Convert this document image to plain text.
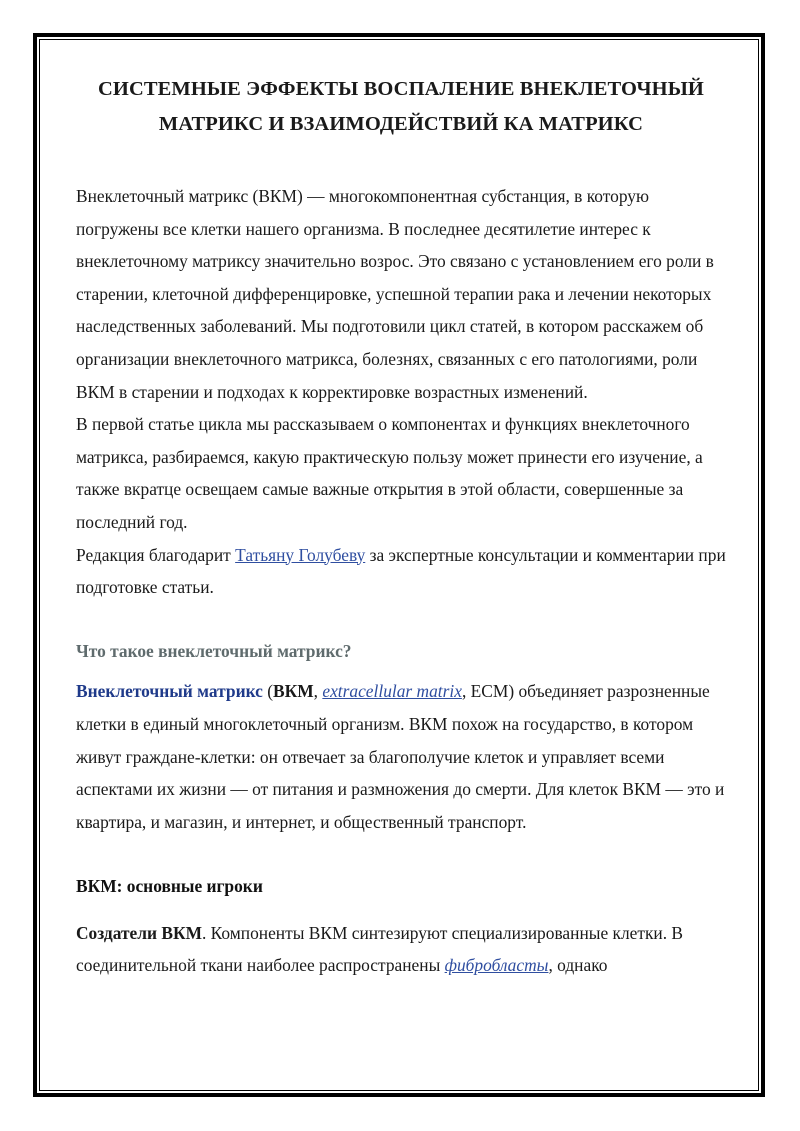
СИСТЕМНЫЕ ЭФФЕКТЫ ВОСПАЛЕНИЕ ВНЕКЛЕТОЧНЫЙ МАТРИКС И ВЗАИМОДЕЙСТВИЙ КА МАТРИКС

Внеклеточный матрикс (ВКМ) — многокомпонентная субстанция, в которую погружены все клетки нашего организма. В последнее десятилетие интерес к внеклеточному матриксу значительно возрос. Это связано с установлением его роли в старении, клеточной дифференцировке, успешной терапии рака и лечении некоторых наследственных заболеваний. Мы подготовили цикл статей, в котором расскажем об организации внеклеточного матрикса, болезнях, связанных с его патологиями, роли ВКМ в старении и подходах к корректировке возрастных изменений.

В первой статье цикла мы рассказываем о компонентах и функциях внеклеточного матрикса, разбираемся, какую практическую пользу может принести его изучение, а также вкратце освещаем самые важные открытия в этой области, совершенные за последний год.

Редакция благодарит Татьяну Голубеву за экспертные консультации и комментарии при подготовке статьи.

Что такое внеклеточный матрикс?

Внеклеточный матрикс (ВКМ, extracellular matrix, ECM) объединяет разрозненные клетки в единый многоклеточный организм. ВКМ похож на государство, в котором живут граждане-клетки: он отвечает за благополучие клеток и управляет всеми аспектами их жизни — от питания и размножения до смерти. Для клеток ВКМ — это и квартира, и магазин, и интернет, и общественный транспорт.

ВКМ: основные игроки

Создатели ВКМ. Компоненты ВКМ синтезируют специализированные клетки. В соединительной ткани наиболее распространены фибробласты, однако
